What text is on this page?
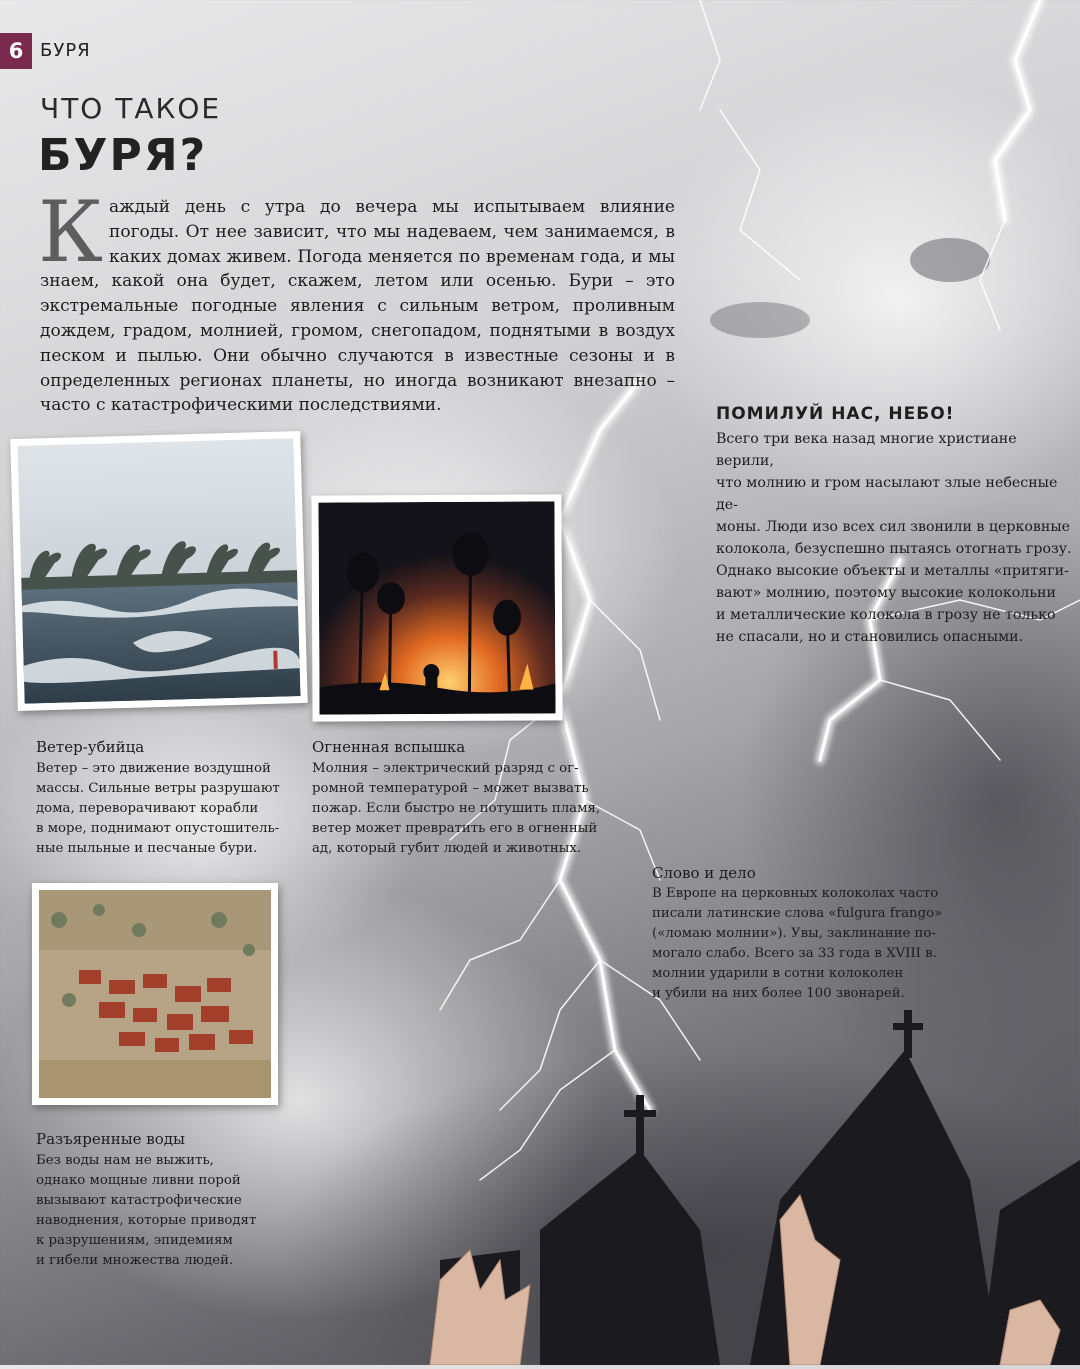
6 БУРЯ
ЧТО ТАКОЕ
БУРЯ?
Каждый день с утра до вечера мы испытываем влияние погоды. От нее зависит, что мы надеваем, чем занимаемся, в каких домах живем. Погода меняется по временам года, и мы знаем, какой она будет, скажем, летом или осенью. Бури – это экстремальные погодные явления с сильным ветром, проливным дождем, градом, молнией, громом, снегопадом, поднятыми в воздух песком и пылью. Они обычно случаются в известные сезоны и в определенных регионах планеты, но иногда возникают внезапно – часто с катастрофическими последствиями.
Ветер-убийца
Ветер – это движение воздушной
массы. Сильные ветры разрушают
дома, переворачивают корабли
в море, поднимают опустошитель-
ные пыльные и песчаные бури.
Огненная вспышка
Молния – электрический разряд с ог-
ромной температурой – может вызвать
пожар. Если быстро не потушить пламя,
ветер может превратить его в огненный
ад, который губит людей и животных.
Разъяренные воды
Без воды нам не выжить,
однако мощные ливни порой
вызывают катастрофические
наводнения, которые приводят
к разрушениям, эпидемиям
и гибели множества людей.
Слово и дело
В Европе на церковных колоколах часто
писали латинские слова «fulgura frango»
(«ломаю молнии»). Увы, заклинание по-
могало слабо. Всего за 33 года в XVIII в.
молнии ударили в сотни колоколен
и убили на них более 100 звонарей.
ПОМИЛУЙ НАС, НЕБО!
Всего три века назад многие христиане верили,
что молнию и гром насылают злые небесные де-
моны. Люди изо всех сил звонили в церковные
колокола, безуспешно пытаясь отогнать грозу.
Однако высокие объекты и металлы «притяги-
вают» молнию, поэтому высокие колокольни
и металлические колокола в грозу не только
не спасали, но и становились опасными.
